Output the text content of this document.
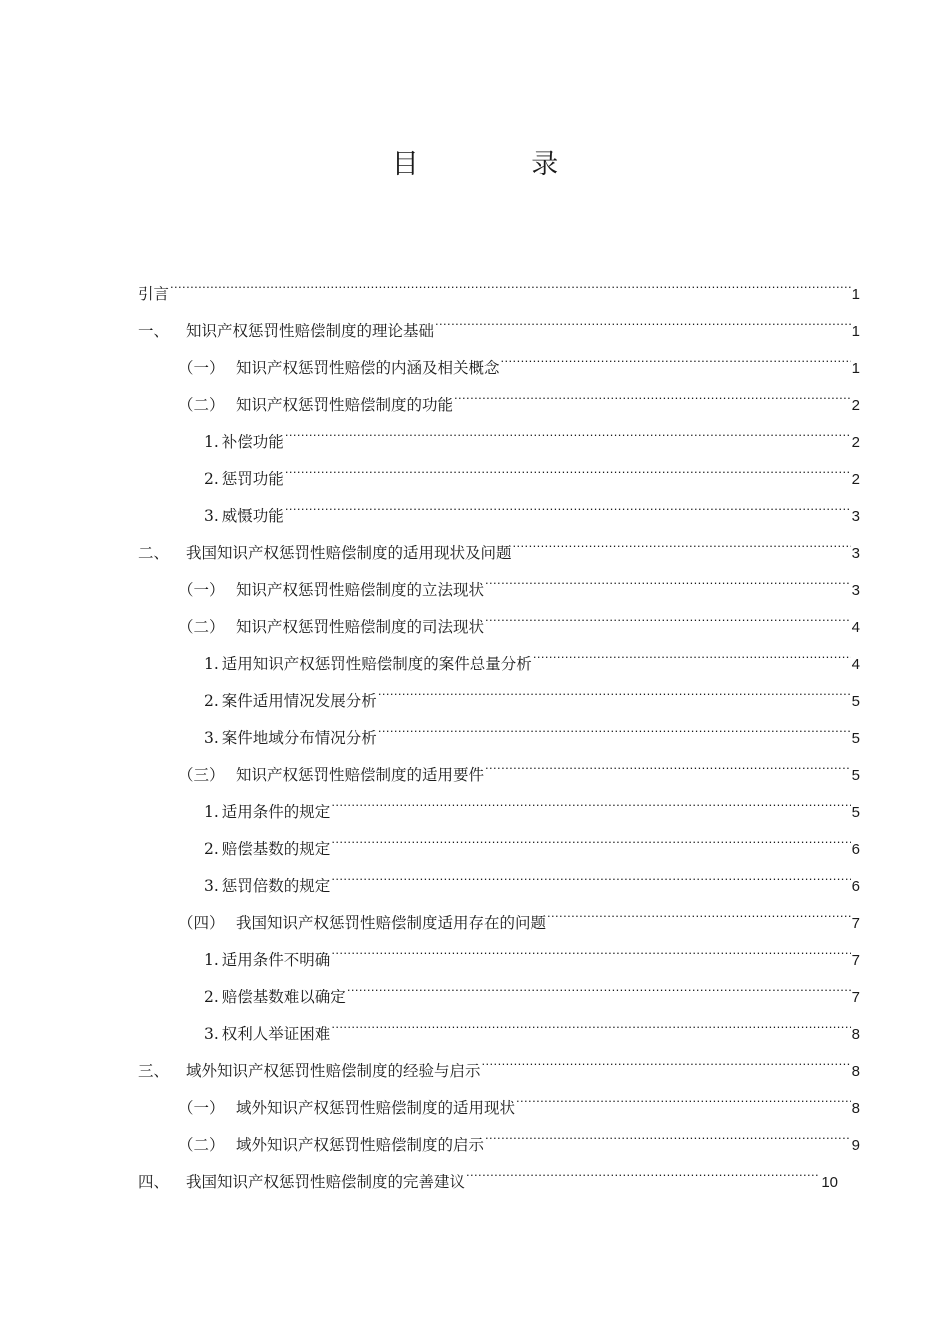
目 录
引言 .....	1
一、	知识产权惩罚性赔偿制度的理论基础 .....	1
（一） 知识产权惩罚性赔偿的内涵及相关概念 .....	1
（二） 知识产权惩罚性赔偿制度的功能 .....	2
1. 补偿功能 .....	2
2. 惩罚功能 .....	2
3. 威慑功能 .....	3
二、	我国知识产权惩罚性赔偿制度的适用现状及问题 .....	3
（一） 知识产权惩罚性赔偿制度的立法现状 .....	3
（二） 知识产权惩罚性赔偿制度的司法现状 .....	4
1. 适用知识产权惩罚性赔偿制度的案件总量分析 .....	4
2. 案件适用情况发展分析 .....	5
3. 案件地域分布情况分析 .....	5
（三） 知识产权惩罚性赔偿制度的适用要件 .....	5
1. 适用条件的规定 .....	5
2. 赔偿基数的规定 .....	6
3. 惩罚倍数的规定 .....	6
（四） 我国知识产权惩罚性赔偿制度适用存在的问题 .....	7
1. 适用条件不明确 .....	7
2. 赔偿基数难以确定 .....	7
3. 权利人举证困难 .....	8
三、	域外知识产权惩罚性赔偿制度的经验与启示 .....	8
（一） 域外知识产权惩罚性赔偿制度的适用现状 .....	8
（二） 域外知识产权惩罚性赔偿制度的启示 .....	9
四、	我国知识产权惩罚性赔偿制度的完善建议 .....	10
